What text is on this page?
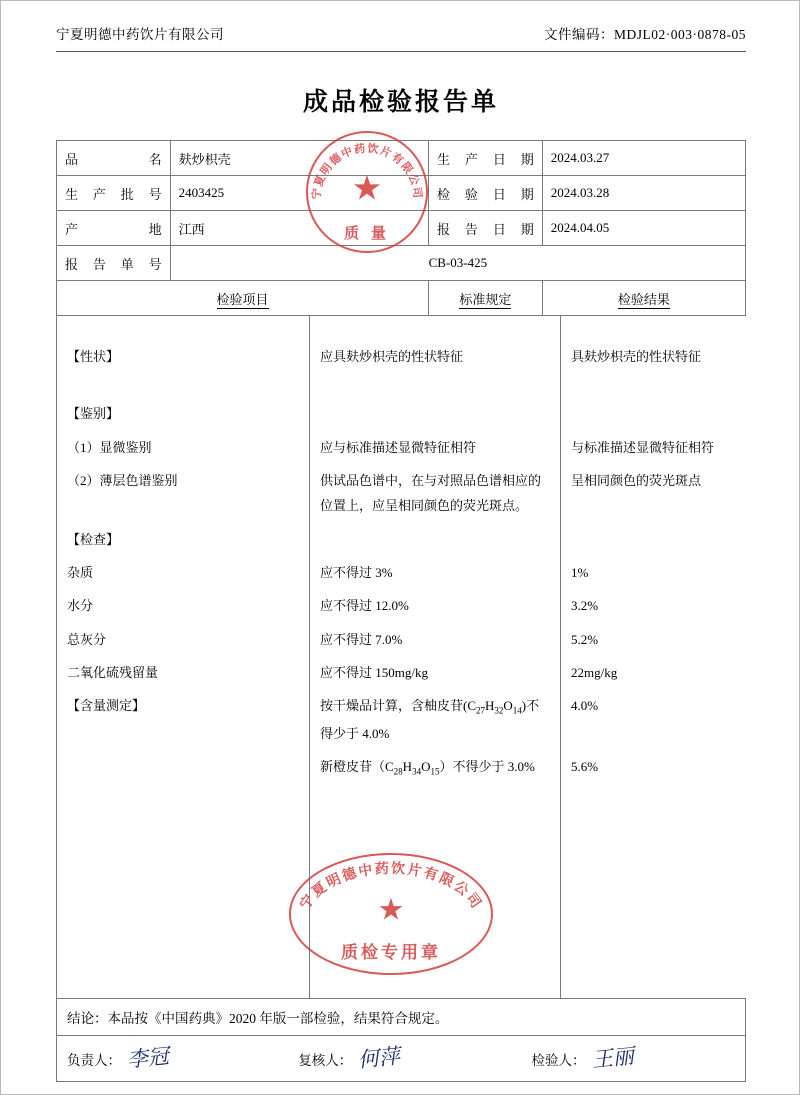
宁夏明德中药饮片有限公司	文件编码：MDJL02·003·0878-05
成品检验报告单
品　　名	麸炒枳壳	生产日期	2024.03.27
生产批号	2403425	检验日期	2024.03.28
产　　地	江西	报告日期	2024.04.05
报告单号	CB-03-425		
检验项目		标准规定	检验结果

【性状】	应具麸炒枳壳的性状特征	具麸炒枳壳的性状特征

【鉴别】		
（1）显微鉴别	应与标准描述显微特征相符	与标准描述显微特征相符
（2）薄层色谱鉴别	供试品色谱中，在与对照品色谱相应的位置上，应呈相同颜色的荧光斑点。	呈相同颜色的荧光斑点
【检查】		
杂质	应不得过 3%	1%
水分	应不得过 12.0%	3.2%
总灰分	应不得过 7.0%	5.2%
二氧化硫残留量	应不得过 150mg/kg	22mg/kg
【含量测定】	按干燥品计算，含柚皮苷$(C_{27}H_{32}O_{14})$不得少于 4.0%	4.0%
	新橙皮苷$(C_{28}H_{34}O_{15})$不得少于 3.0%	5.6%

结论：本品按《中国药典》2020 年版一部检验，结果符合规定。
负责人： 李冠	复核人： 何萍	检验人： 王丽
宁夏明德中药饮片有限公司
★
质 量
宁夏明德中药饮片有限公司
★
质检专用章
